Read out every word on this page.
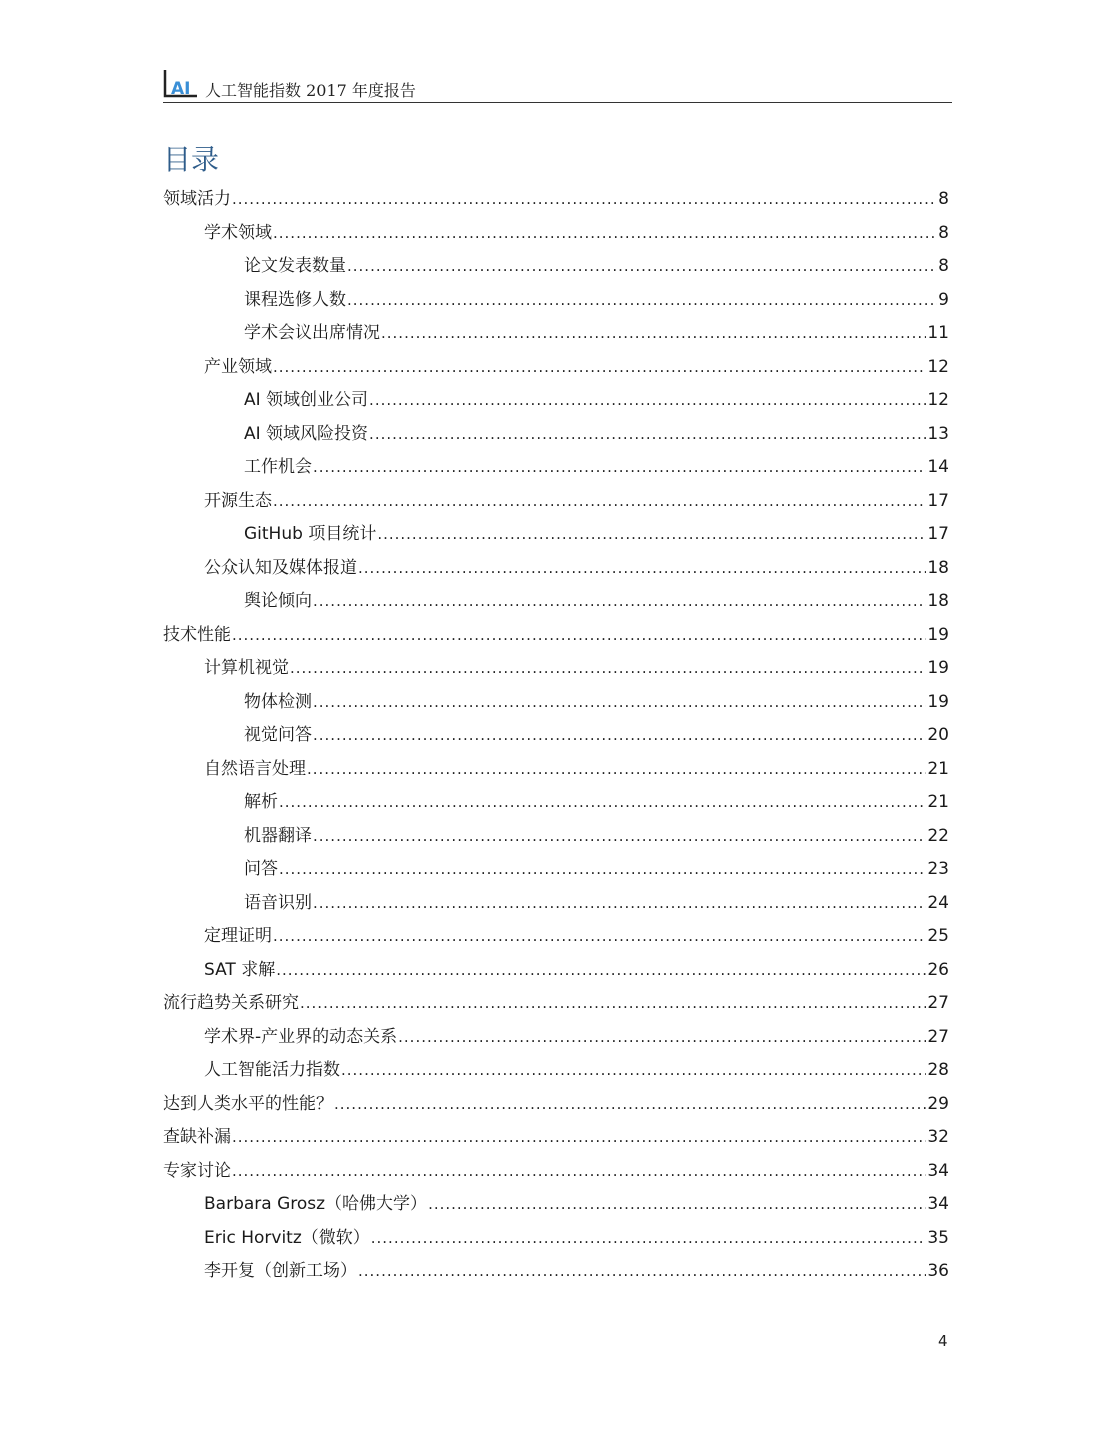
AI 人工智能指数 2017 年度报告
目录
领域活力 .....	8
学术领域 .....	8
论文发表数量 .....	8
课程选修人数 .....	9
学术会议出席情况 .....	11
产业领域 .....	12
AI 领域创业公司 .....	12
AI 领域风险投资 .....	13
工作机会 .....	14
开源生态 .....	17
GitHub 项目统计 .....	17
公众认知及媒体报道 .....	18
舆论倾向 .....	18
技术性能 .....	19
计算机视觉 .....	19
物体检测 .....	19
视觉问答 .....	20
自然语言处理 .....	21
解析 .....	21
机器翻译 .....	22
问答 .....	23
语音识别 .....	24
定理证明 .....	25
SAT 求解 .....	26
流行趋势关系研究 .....	27
学术界-产业界的动态关系 .....	27
人工智能活力指数 .....	28
达到人类水平的性能？ .....	29
查缺补漏 .....	32
专家讨论 .....	34
Barbara Grosz（哈佛大学） .....	34
Eric Horvitz（微软） .....	35
李开复（创新工场） .....	36
4
